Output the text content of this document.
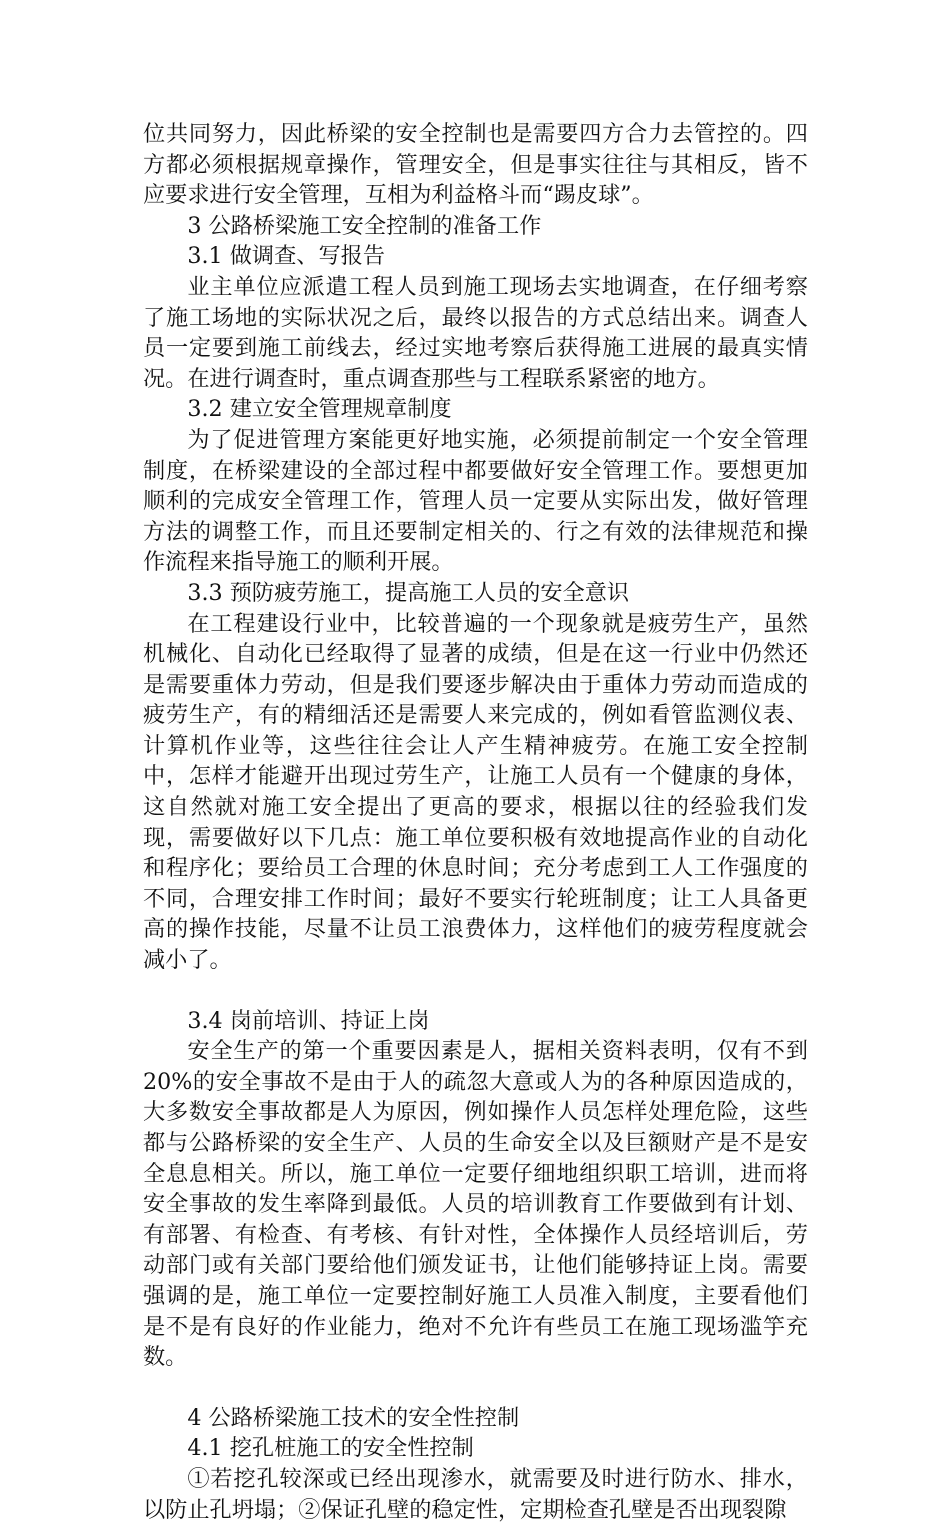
位共同努力，因此桥梁的安全控制也是需要四方合力去管控的。四方都必须根据规章操作，管理安全，但是事实往往与其相反，皆不应要求进行安全管理，互相为利益格斗而“踢皮球”。

3 公路桥梁施工安全控制的准备工作

3.1 做调查、写报告

业主单位应派遣工程人员到施工现场去实地调查，在仔细考察了施工场地的实际状况之后，最终以报告的方式总结出来。调查人员一定要到施工前线去，经过实地考察后获得施工进展的最真实情况。在进行调查时，重点调查那些与工程联系紧密的地方。

3.2 建立安全管理规章制度

为了促进管理方案能更好地实施，必须提前制定一个安全管理制度，在桥梁建设的全部过程中都要做好安全管理工作。要想更加顺利的完成安全管理工作，管理人员一定要从实际出发，做好管理方法的调整工作，而且还要制定相关的、行之有效的法律规范和操作流程来指导施工的顺利开展。

3.3 预防疲劳施工，提高施工人员的安全意识

在工程建设行业中，比较普遍的一个现象就是疲劳生产，虽然机械化、自动化已经取得了显著的成绩，但是在这一行业中仍然还是需要重体力劳动，但是我们要逐步解决由于重体力劳动而造成的疲劳生产，有的精细活还是需要人来完成的，例如看管监测仪表、计算机作业等，这些往往会让人产生精神疲劳。在施工安全控制中，怎样才能避开出现过劳生产，让施工人员有一个健康的身体，这自然就对施工安全提出了更高的要求，根据以往的经验我们发现，需要做好以下几点：施工单位要积极有效地提高作业的自动化和程序化；要给员工合理的休息时间；充分考虑到工人工作强度的不同，合理安排工作时间；最好不要实行轮班制度；让工人具备更高的操作技能，尽量不让员工浪费体力，这样他们的疲劳程度就会减小了。

3.4 岗前培训、持证上岗

安全生产的第一个重要因素是人，据相关资料表明，仅有不到20%的安全事故不是由于人的疏忽大意或人为的各种原因造成的，大多数安全事故都是人为原因，例如操作人员怎样处理危险，这些都与公路桥梁的安全生产、人员的生命安全以及巨额财产是不是安全息息相关。所以，施工单位一定要仔细地组织职工培训，进而将安全事故的发生率降到最低。人员的培训教育工作要做到有计划、有部署、有检查、有考核、有针对性，全体操作人员经培训后，劳动部门或有关部门要给他们颁发证书，让他们能够持证上岗。需要强调的是，施工单位一定要控制好施工人员准入制度，主要看他们是不是有良好的作业能力，绝对不允许有些员工在施工现场滥竽充数。

4 公路桥梁施工技术的安全性控制

4.1 挖孔桩施工的安全性控制

①若挖孔较深或已经出现渗水，就需要及时进行防水、排水，以防止孔坍塌；②保证孔壁的稳定性，定期检查孔壁是否出现裂隙
